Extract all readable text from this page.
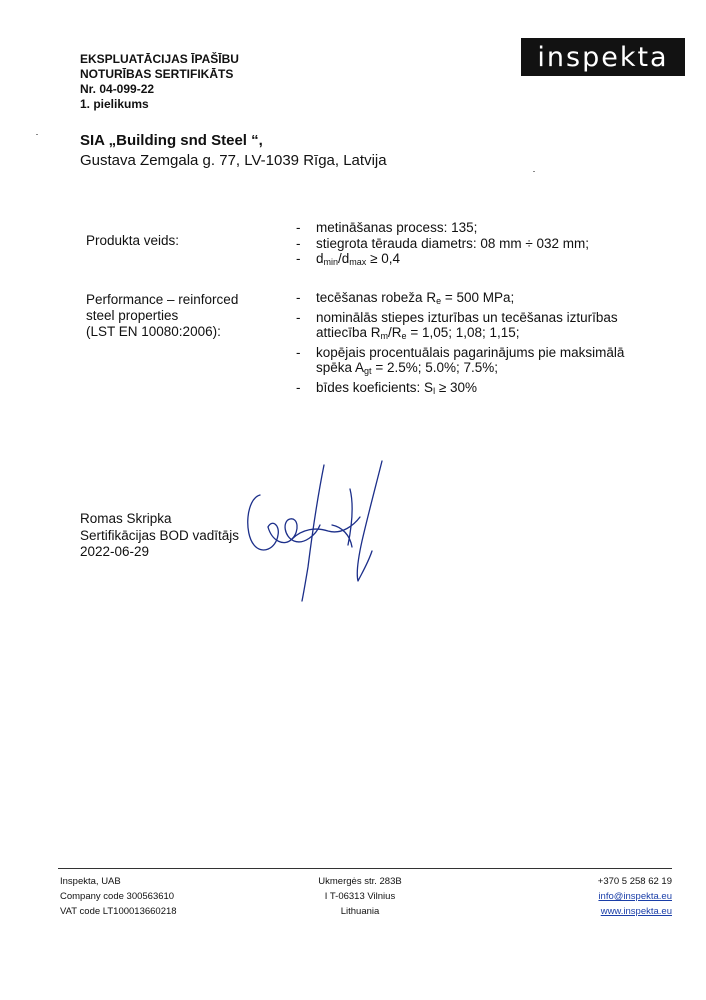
EKSPLUATĀCIJAS ĪPAŠĪBU
NOTURĪBAS SERTIFIKĀTS
Nr. 04-099-22
1. pielikums
inspekta
SIA „Building snd Steel “,
Gustava Zemgala g. 77, LV-1039 Rīga, Latvija
Produkta veids:
-	metināšanas process: 135;
-	stiegrota tērauda diametrs: 08 mm ÷ 032 mm;
-	$d_{min}/d_{max} \ge 0,4$
Performance – reinforced
steel properties
(LST EN 10080:2006):
-	tecēšanas robeža $R_e = 500$ MPa;
-	nominālās stiepes izturības un tecēšanas izturības
attiecība $R_m/R_e = 1,05$; 1,08; 1,15;
-	kopējais procentuālais pagarinājums pie maksimālā
spēka $A_{gt} = 2.5\%$; 5.0%; 7.5%;
-	bīdes koeficients: $S_l \ge 30\%$
Romas Skripka
Sertifikācijas BOD vadītājs
2022-06-29
Inspekta, UAB
Company code 300563610
VAT code LT100013660218
Ukmergės str. 283B
I T-06313 Vilnius
Lithuania
+370 5 258 62 19
info@inspekta.eu
www.inspekta.eu
